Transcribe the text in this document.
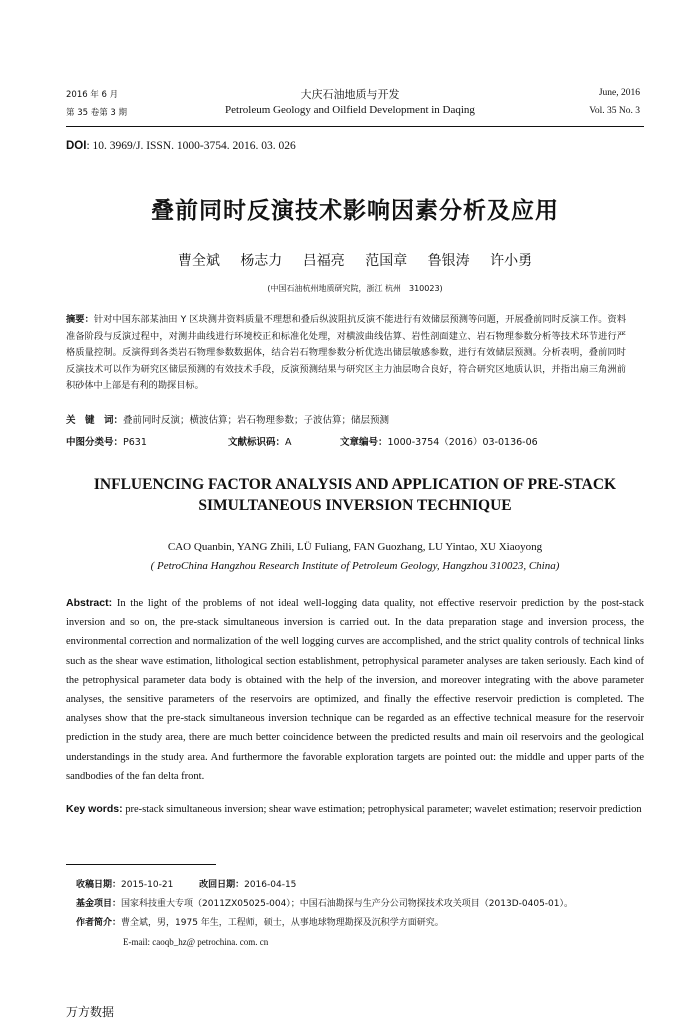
2016 年 6 月
第 35 卷第 3 期
大庆石油地质与开发
Petroleum Geology and Oilfield Development in Daqing
June, 2016
Vol. 35 No. 3
DOI: 10. 3969/J. ISSN. 1000-3754. 2016. 03. 026
叠前同时反演技术影响因素分析及应用
曹全斌 杨志力 吕福亮 范国章 鲁银涛 许小勇
(中国石油杭州地质研究院，浙江 杭州　310023)
摘要：针对中国东部某油田 Y 区块测井资料质量不理想和叠后纵波阻抗反演不能进行有效储层预测等问题，开展叠前同时反演工作。资料准备阶段与反演过程中，对测井曲线进行环境校正和标准化处理，对横波曲线估算、岩性剖面建立、岩石物理参数分析等技术环节进行严格质量控制。反演得到各类岩石物理参数数据体，结合岩石物理参数分析优选出储层敏感参数，进行有效储层预测。分析表明，叠前同时反演技术可以作为研究区储层预测的有效技术手段，反演预测结果与研究区主力油层吻合良好，符合研究区地质认识，并指出扇三角洲前积砂体中上部是有利的勘探目标。
关　键　词：叠前同时反演；横波估算；岩石物理参数；子波估算；储层预测
中图分类号：P631	文献标识码：A	文章编号：1000-3754（2016）03-0136-06
INFLUENCING FACTOR ANALYSIS AND APPLICATION OF PRE-STACK SIMULTANEOUS INVERSION TECHNIQUE
CAO Quanbin, YANG Zhili, LÜ Fuliang, FAN Guozhang, LU Yintao, XU Xiaoyong
( PetroChina Hangzhou Research Institute of Petroleum Geology, Hangzhou 310023, China)
Abstract: In the light of the problems of not ideal well-logging data quality, not effective reservoir prediction by the post-stack inversion and so on, the pre-stack simultaneous inversion is carried out. In the data preparation stage and inversion process, the environmental correction and normalization of the well logging curves are accomplished, and the strict quality controls of technical links such as the shear wave estimation, lithological section establishment, petrophysical parameter analyses are taken seriously. Each kind of the petrophysical parameter data body is obtained with the help of the inversion, and moreover integrating with the above parameter analyses, the sensitive parameters of the reservoirs are optimized, and finally the effective reservoir prediction is completed. The analyses show that the pre-stack simultaneous inversion technique can be regarded as an effective technical measure for the reservoir prediction in the study area, there are much better coincidence between the predicted results and main oil reservoirs and the geological understandings in the study area. And furthermore the favorable exploration targets are pointed out: the middle and upper parts of the sandbodies of the fan delta front.
Key words: pre-stack simultaneous inversion; shear wave estimation; petrophysical parameter; wavelet estimation; reservoir prediction
收稿日期：2015-10-21	改回日期：2016-04-15
基金项目：国家科技重大专项（2011ZX05025-004）；中国石油勘探与生产分公司物探技术攻关项目（2013D-0405-01）。
作者简介：曹全斌，男，1975 年生，工程师，硕士，从事地球物理勘探及沉积学方面研究。
E-mail: caoqb_hz@ petrochina. com. cn
万方数据
